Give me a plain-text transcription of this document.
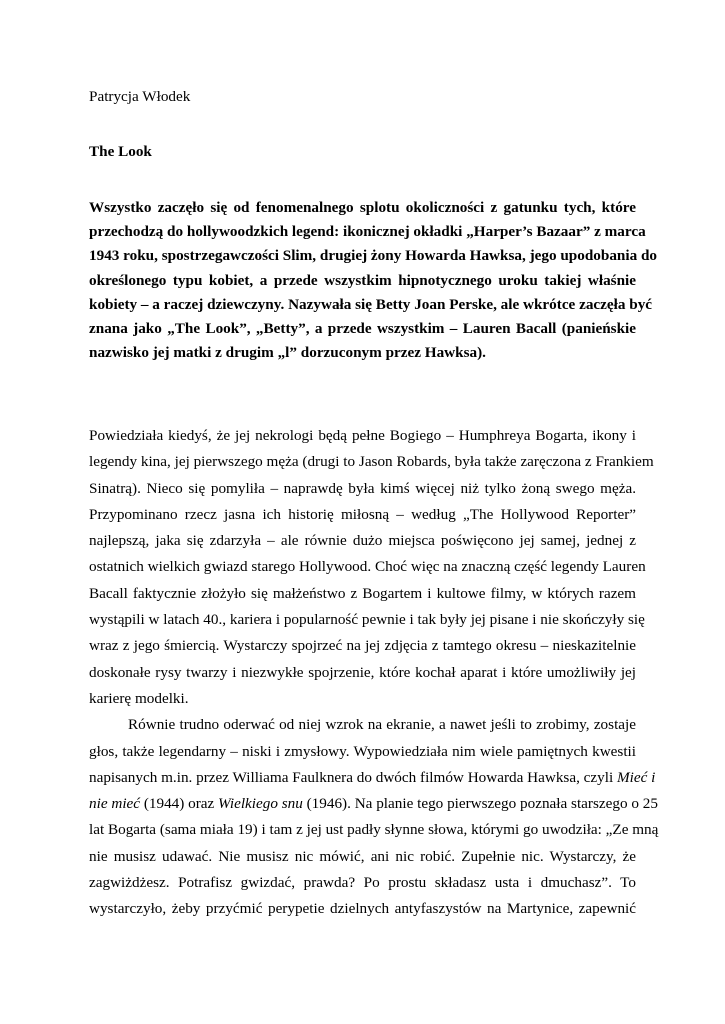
Patrycja Włodek
The Look
Wszystko zaczęło się od fenomenalnego splotu okoliczności z gatunku tych, które
przechodzą do hollywoodzkich legend: ikonicznej okładki „Harper’s Bazaar” z marca
1943 roku, spostrzegawczości Slim, drugiej żony Howarda Hawksa, jego upodobania do
określonego typu kobiet, a przede wszystkim hipnotycznego uroku takiej właśnie
kobiety – a raczej dziewczyny. Nazywała się Betty Joan Perske, ale wkrótce zaczęła być
znana jako „The Look”, „Betty”, a przede wszystkim – Lauren Bacall (panieńskie
nazwisko jej matki z drugim „l” dorzuconym przez Hawksa).
Powiedziała kiedyś, że jej nekrologi będą pełne Bogiego – Humphreya Bogarta, ikony i
legendy kina, jej pierwszego męża (drugi to Jason Robards, była także zaręczona z Frankiem
Sinatrą). Nieco się pomyliła – naprawdę była kimś więcej niż tylko żoną swego męża.
Przypominano rzecz jasna ich historię miłosną – według „The Hollywood Reporter”
najlepszą, jaka się zdarzyła – ale równie dużo miejsca poświęcono jej samej, jednej z
ostatnich wielkich gwiazd starego Hollywood. Choć więc na znaczną część legendy Lauren
Bacall faktycznie złożyło się małżeństwo z Bogartem i kultowe filmy, w których razem
wystąpili w latach 40., kariera i popularność pewnie i tak były jej pisane i nie skończyły się
wraz z jego śmiercią. Wystarczy spojrzeć na jej zdjęcia z tamtego okresu – nieskazitelnie
doskonałe rysy twarzy i niezwykłe spojrzenie, które kochał aparat i które umożliwiły jej
karierę modelki.
Równie trudno oderwać od niej wzrok na ekranie, a nawet jeśli to zrobimy, zostaje
głos, także legendarny – niski i zmysłowy. Wypowiedziała nim wiele pamiętnych kwestii
napisanych m.in. przez Williama Faulknera do dwóch filmów Howarda Hawksa, czyli Mieć i
nie mieć (1944) oraz Wielkiego snu (1946). Na planie tego pierwszego poznała starszego o 25
lat Bogarta (sama miała 19) i tam z jej ust padły słynne słowa, którymi go uwodziła: „Ze mną
nie musisz udawać. Nie musisz nic mówić, ani nic robić. Zupełnie nic. Wystarczy, że
zagwiżdżesz. Potrafisz gwizdać, prawda? Po prostu składasz usta i dmuchasz”. To
wystarczyło, żeby przyćmić perypetie dzielnych antyfaszystów na Martynice, zapewnić
